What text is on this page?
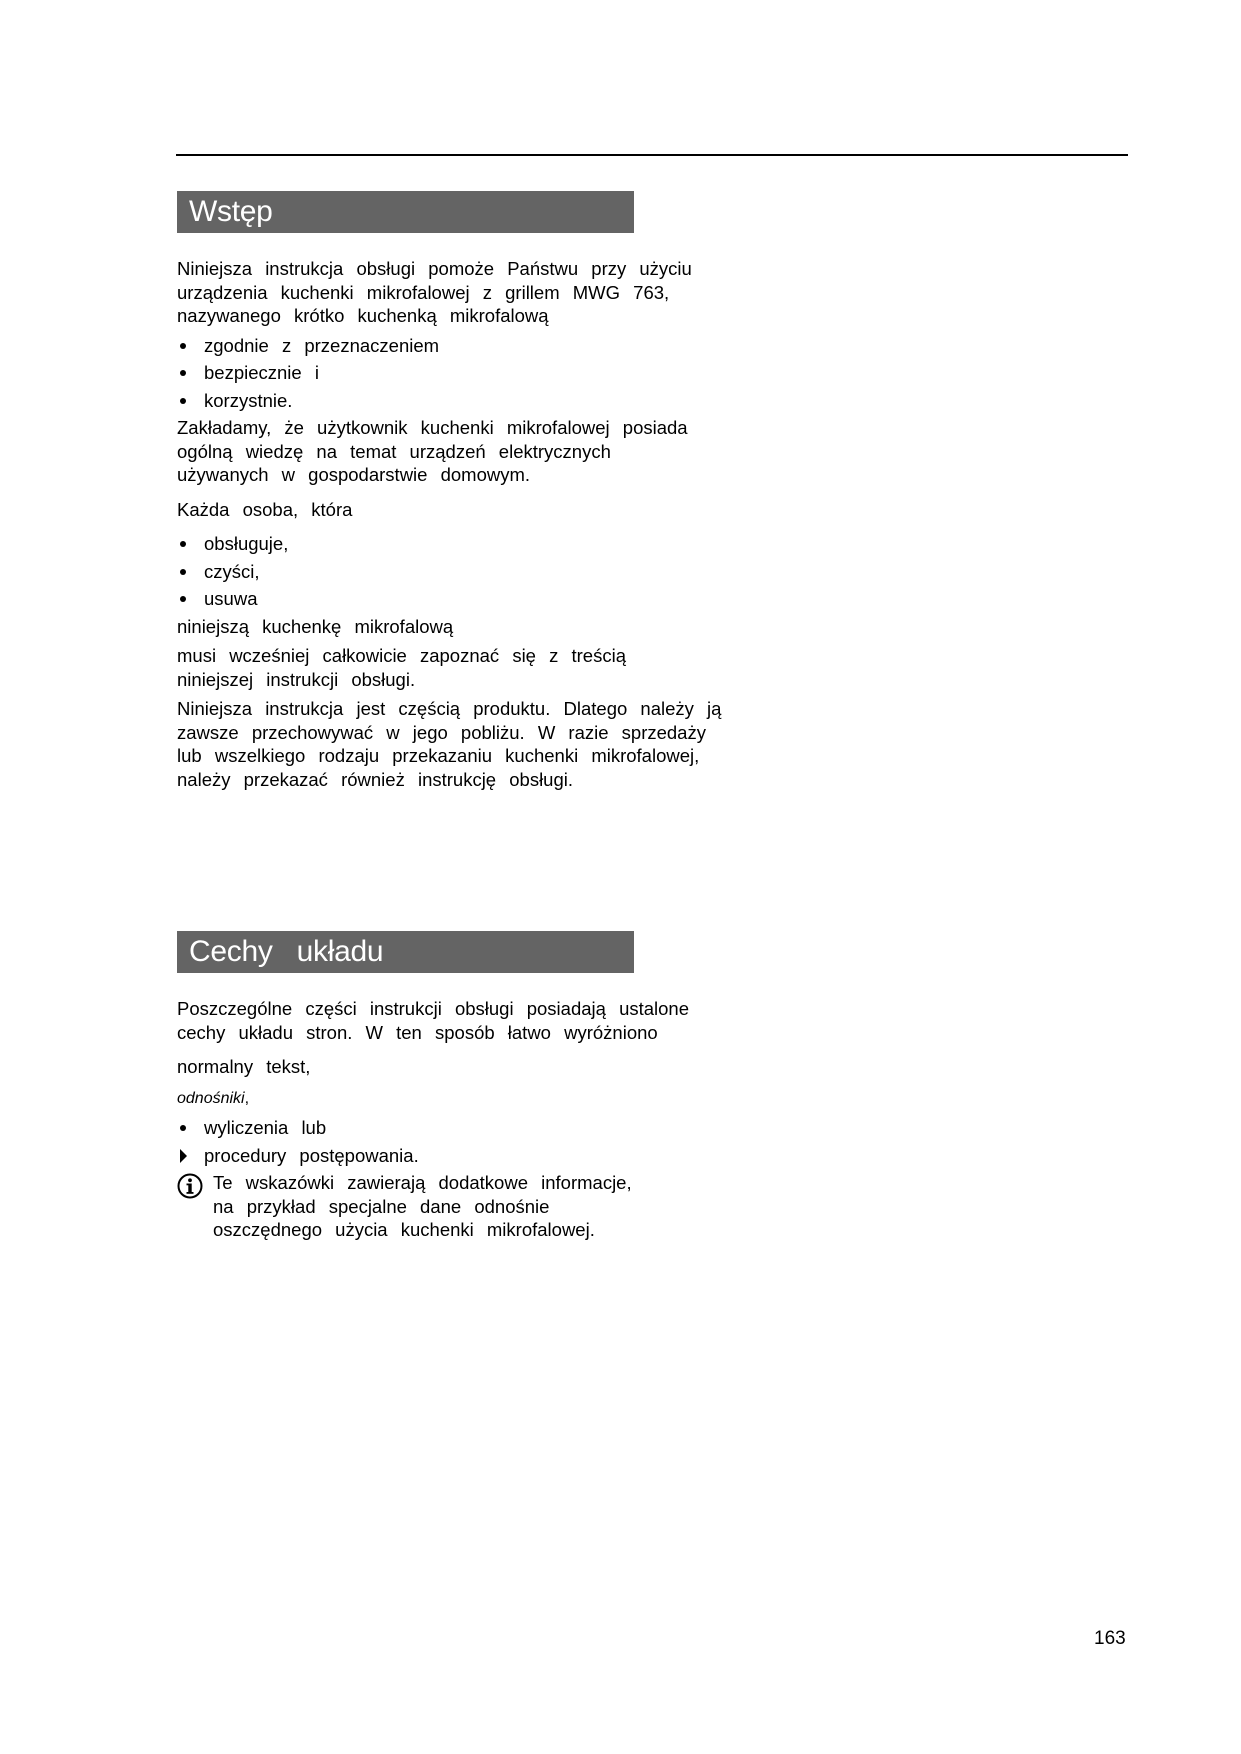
Wstęp

Niniejsza instrukcja obsługi pomoże Państwu przy użyciu urządzenia kuchenki mikrofalowej z grillem MWG 763, nazywanego krótko kuchenką mikrofalową

zgodnie z przeznaczeniem
bezpiecznie i
korzystnie.

Zakładamy, że użytkownik kuchenki mikrofalowej posiada ogólną wiedzę na temat urządzeń elektrycznych używanych w gospodarstwie domowym.

Każda osoba, która

obsługuje,
czyści,
usuwa

niniejszą kuchenkę mikrofalową

musi wcześniej całkowicie zapoznać się z treścią niniejszej instrukcji obsługi.

Niniejsza instrukcja jest częścią produktu. Dlatego należy ją zawsze przechowywać w jego pobliżu. W razie sprzedaży lub wszelkiego rodzaju przekazaniu kuchenki mikrofalowej, należy przekazać również instrukcję obsługi.

Cechy   układu

Poszczególne części instrukcji obsługi posiadają ustalone cechy układu stron. W ten sposób łatwo wyróżniono

normalny tekst,

odnośniki,

wyliczenia lub
procedury postępowania.

Te wskazówki zawierają dodatkowe informacje, na przykład specjalne dane odnośnie oszczędnego użycia kuchenki mikrofalowej.

163
